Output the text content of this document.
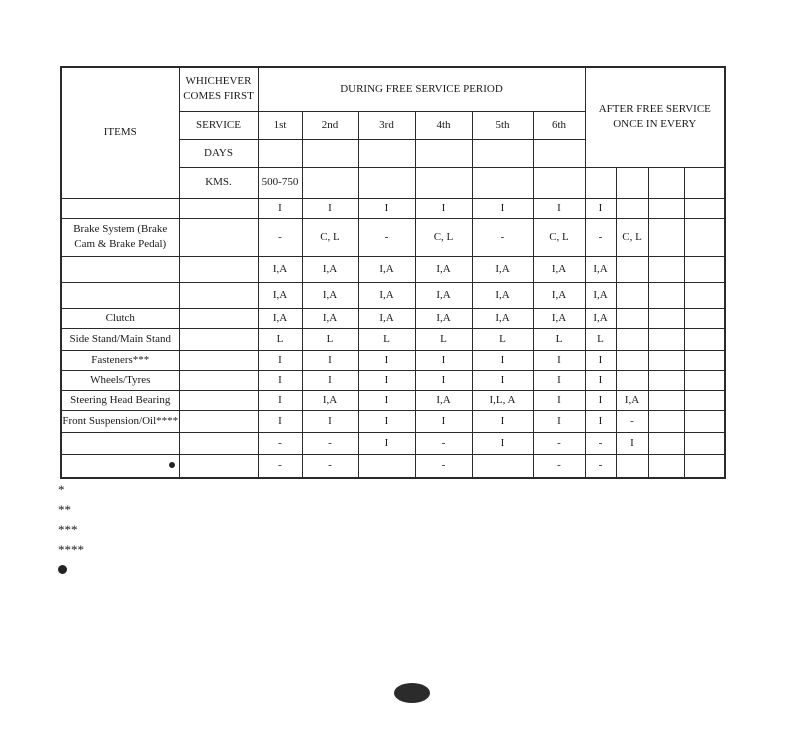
ITEMS	WHICHEVER COMES FIRST	DURING FREE SERVICE PERIOD						AFTER FREE SERVICE ONCE IN EVERY			
	SERVICE	1st	2nd	3rd	4th	5th	6th				
	DAYS										
	KMS.	500-750									
		I	I	I	I	I	I	I			
Brake System (Brake Cam & Brake Pedal)		-	C, L	-	C, L	-	C, L	-	C, L		
		I,A	I,A	I,A	I,A	I,A	I,A	I,A			
		I,A	I,A	I,A	I,A	I,A	I,A	I,A			
Clutch		I,A	I,A	I,A	I,A	I,A	I,A	I,A			
Side Stand/Main Stand		L	L	L	L	L	L	L			
Fasteners***		I	I	I	I	I	I	I			
Wheels/Tyres		I	I	I	I	I	I	I			
Steering Head Bearing		I	I,A	I	I,A	I,L, A	I	I	I,A		
Front Suspension/Oil****		I	I	I	I	I	I	I	-		
		-	-	I	-	I	-	-	I		
		-	-		-		-	-			
*
**
***
****
